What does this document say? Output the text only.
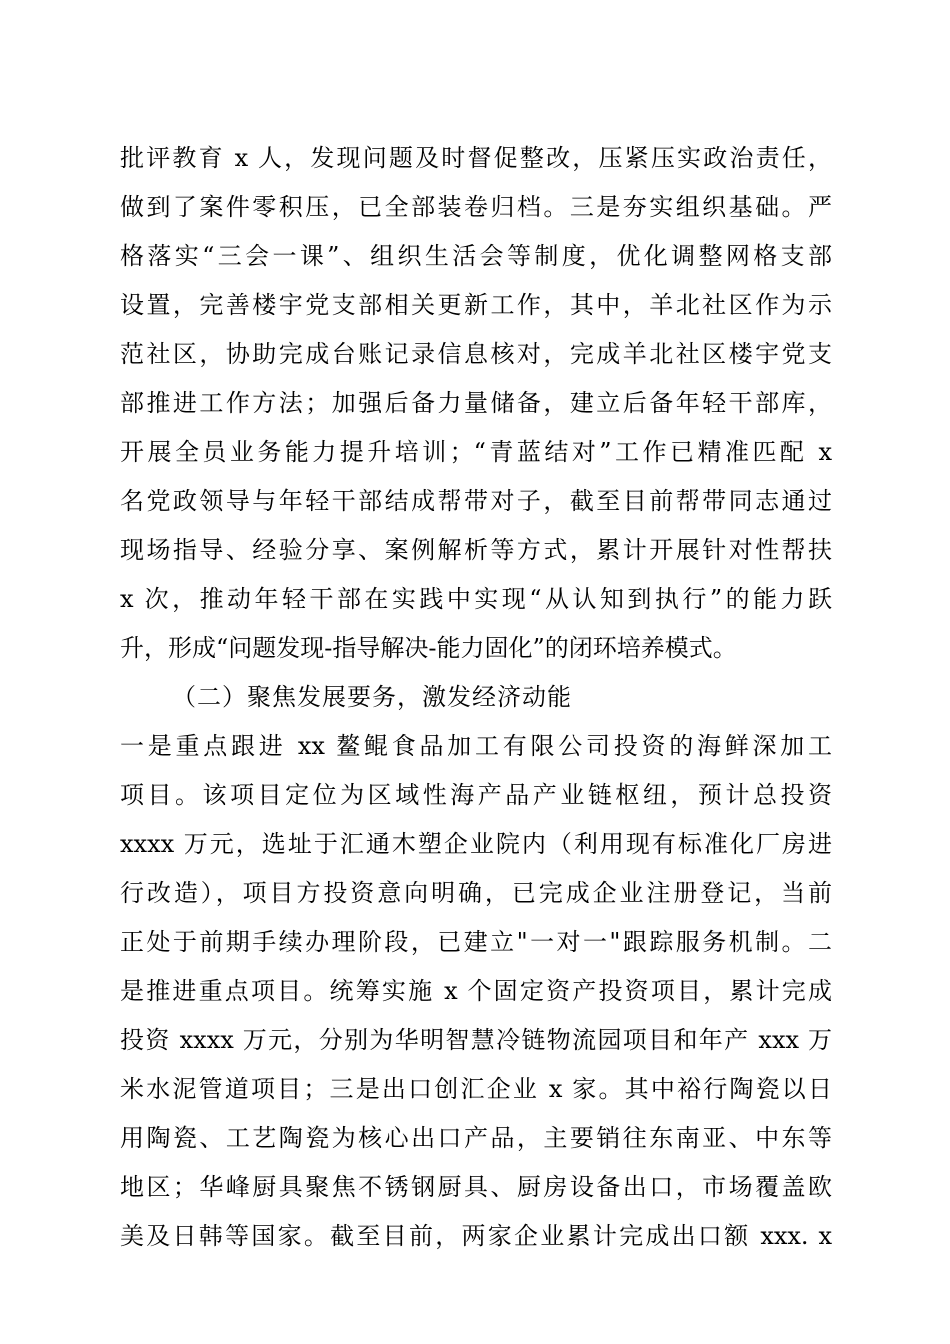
批评教育 x 人，发现问题及时督促整改，压紧压实政治责任，
做到了案件零积压，已全部装卷归档。三是夯实组织基础。严
格落实“三会一课”、组织生活会等制度，优化调整网格支部
设置，完善楼宇党支部相关更新工作，其中，羊北社区作为示
范社区，协助完成台账记录信息核对，完成羊北社区楼宇党支
部推进工作方法；加强后备力量储备，建立后备年轻干部库，
开展全员业务能力提升培训；“青蓝结对”工作已精准匹配 x
名党政领导与年轻干部结成帮带对子，截至目前帮带同志通过
现场指导、经验分享、案例解析等方式，累计开展针对性帮扶
x 次，推动年轻干部在实践中实现“从认知到执行”的能力跃
升，形成“问题发现-指导解决-能力固化”的闭环培养模式。
（二）聚焦发展要务，激发经济动能
一是重点跟进 xx 鳌鲲食品加工有限公司投资的海鲜深加工
项目。该项目定位为区域性海产品产业链枢纽，预计总投资
xxxx 万元，选址于汇通木塑企业院内（利用现有标准化厂房进
行改造），项目方投资意向明确，已完成企业注册登记，当前
正处于前期手续办理阶段，已建立"一对一"跟踪服务机制。二
是推进重点项目。统筹实施 x 个固定资产投资项目，累计完成
投资 xxxx 万元，分别为华明智慧冷链物流园项目和年产 xxx 万
米水泥管道项目；三是出口创汇企业 x 家。其中裕行陶瓷以日
用陶瓷、工艺陶瓷为核心出口产品，主要销往东南亚、中东等
地区；华峰厨具聚焦不锈钢厨具、厨房设备出口，市场覆盖欧
美及日韩等国家。截至目前，两家企业累计完成出口额 xxx. x
